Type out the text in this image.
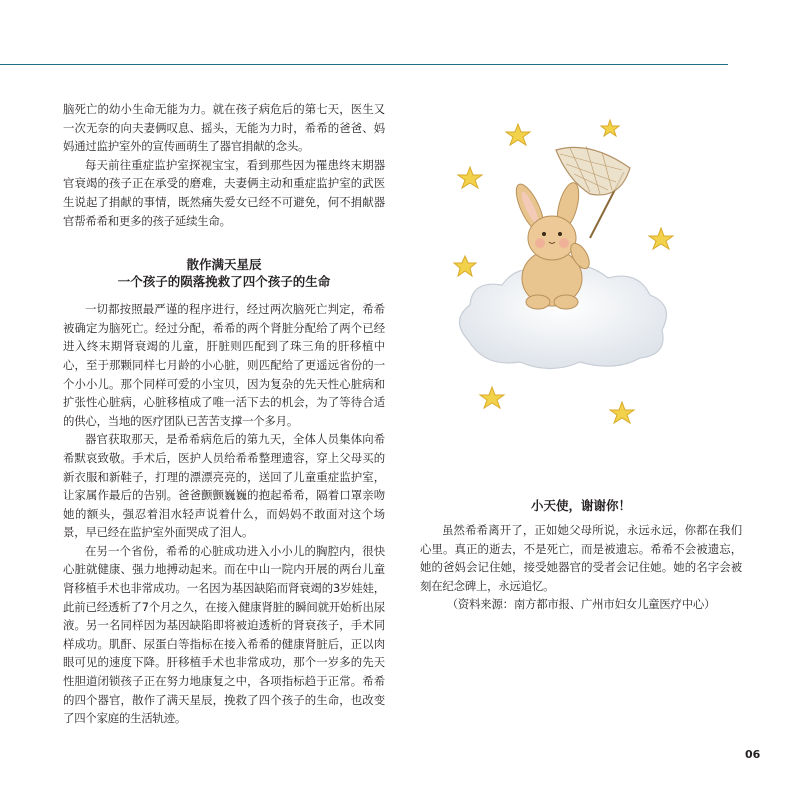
脑死亡的幼小生命无能为力。就在孩子病危后的第七天，医生又一次无奈的向夫妻俩叹息、摇头，无能为力时，希希的爸爸、妈妈通过监护室外的宣传画萌生了器官捐献的念头。

每天前往重症监护室探视宝宝，看到那些因为罹患终末期器官衰竭的孩子正在承受的磨难，夫妻俩主动和重症监护室的武医生说起了捐献的事情，既然痛失爱女已经不可避免，何不捐献器官帮希希和更多的孩子延续生命。

散作满天星辰
一个孩子的陨落挽救了四个孩子的生命

一切都按照最严谨的程序进行，经过两次脑死亡判定，希希被确定为脑死亡。经过分配，希希的两个肾脏分配给了两个已经进入终末期肾衰竭的儿童，肝脏则匹配到了珠三角的肝移植中心，至于那颗同样七月龄的小心脏，则匹配给了更遥远省份的一个小小儿。那个同样可爱的小宝贝，因为复杂的先天性心脏病和扩张性心脏病，心脏移植成了唯一活下去的机会，为了等待合适的供心，当地的医疗团队已苦苦支撑一个多月。

器官获取那天，是希希病危后的第九天，全体人员集体向希希默哀致敬。手术后，医护人员给希希整理遗容，穿上父母买的新衣服和新鞋子，打理的漂漂亮亮的，送回了儿童重症监护室，让家属作最后的告别。爸爸颤颤巍巍的抱起希希，隔着口罩亲吻她的额头，强忍着泪水轻声说着什么，而妈妈不敢面对这个场景，早已经在监护室外面哭成了泪人。

在另一个省份，希希的心脏成功进入小小儿的胸腔内，很快心脏就健康、强力地搏动起来。而在中山一院内开展的两台儿童肾移植手术也非常成功。一名因为基因缺陷而肾衰竭的3岁娃娃，此前已经透析了7个月之久，在接入健康肾脏的瞬间就开始析出尿液。另一名同样因为基因缺陷即将被迫透析的肾衰孩子，手术同样成功。肌酐、尿蛋白等指标在接入希希的健康肾脏后，正以肉眼可见的速度下降。肝移植手术也非常成功，那个一岁多的先天性胆道闭锁孩子正在努力地康复之中，各项指标趋于正常。希希的四个器官，散作了满天星辰，挽救了四个孩子的生命，也改变了四个家庭的生活轨迹。

小天使，谢谢你！

虽然希希离开了，正如她父母所说，永远永远，你都在我们心里。真正的逝去，不是死亡，而是被遗忘。希希不会被遗忘，她的爸妈会记住她，接受她器官的受者会记住她。她的名字会被刻在纪念碑上，永远追忆。

（资料来源：南方都市报、广州市妇女儿童医疗中心）

06
